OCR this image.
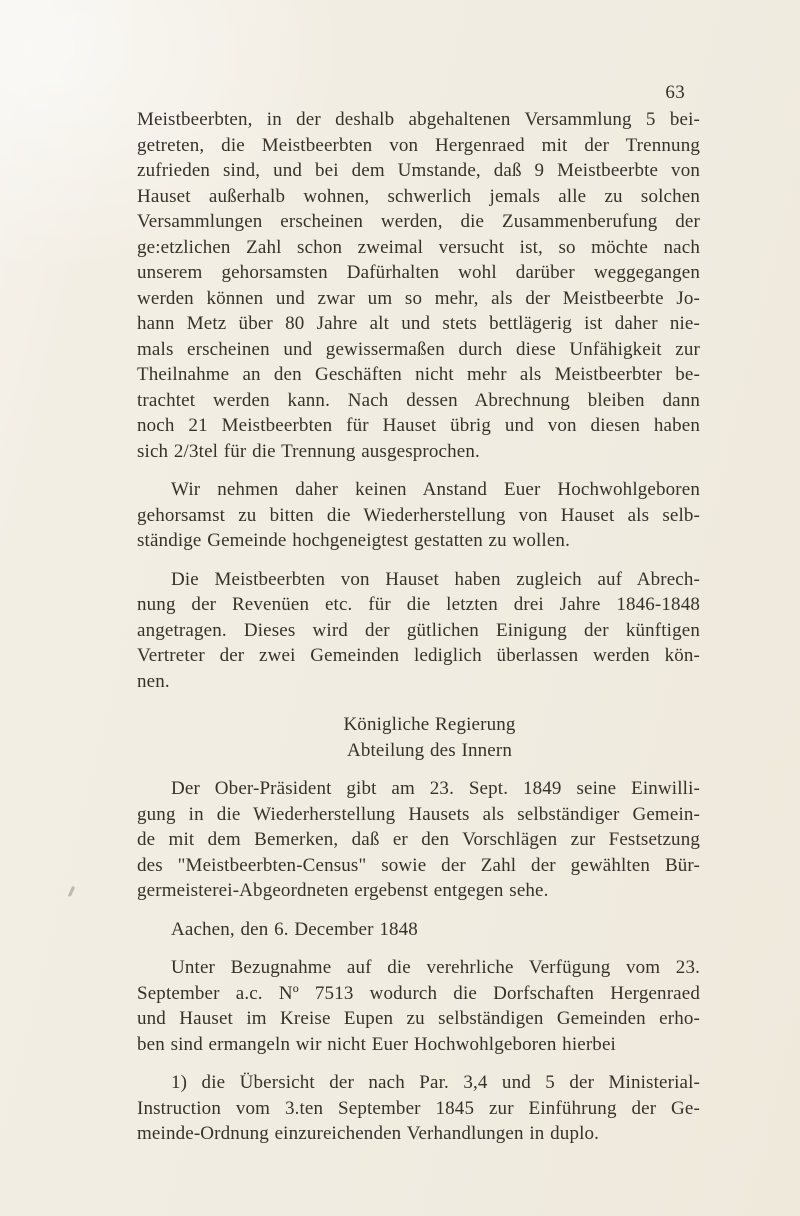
63
Meistbeerbten, in der deshalb abgehaltenen Versammlung 5 bei-
getreten, die Meistbeerbten von Hergenraed mit der Trennung
zufrieden sind, und bei dem Umstande, daß 9 Meistbeerbte von
Hauset außerhalb wohnen, schwerlich jemals alle zu solchen
Versammlungen erscheinen werden, die Zusammenberufung der
ge:etzlichen Zahl schon zweimal versucht ist, so möchte nach
unserem gehorsamsten Dafürhalten wohl darüber weggegangen
werden können und zwar um so mehr, als der Meistbeerbte Jo-
hann Metz über 80 Jahre alt und stets bettlägerig ist daher nie-
mals erscheinen und gewissermaßen durch diese Unfähigkeit zur
Theilnahme an den Geschäften nicht mehr als Meistbeerbter be-
trachtet werden kann. Nach dessen Abrechnung bleiben dann
noch 21 Meistbeerbten für Hauset übrig und von diesen haben
sich 2/3tel für die Trennung ausgesprochen.
Wir nehmen daher keinen Anstand Euer Hochwohlgeboren
gehorsamst zu bitten die Wiederherstellung von Hauset als selb-
ständige Gemeinde hochgeneigtest gestatten zu wollen.
Die Meistbeerbten von Hauset haben zugleich auf Abrech-
nung der Revenüen etc. für die letzten drei Jahre 1846-1848
angetragen. Dieses wird der gütlichen Einigung der künftigen
Vertreter der zwei Gemeinden lediglich überlassen werden kön-
nen.
Königliche Regierung
Abteilung des Innern
Der Ober-Präsident gibt am 23. Sept. 1849 seine Einwilli-
gung in die Wiederherstellung Hausets als selbständiger Gemein-
de mit dem Bemerken, daß er den Vorschlägen zur Festsetzung
des "Meistbeerbten-Census" sowie der Zahl der gewählten Bür-
germeisterei-Abgeordneten ergebenst entgegen sehe.
Aachen, den 6. December 1848
Unter Bezugnahme auf die verehrliche Verfügung vom 23.
September a.c. Nº 7513 wodurch die Dorfschaften Hergenraed
und Hauset im Kreise Eupen zu selbständigen Gemeinden erho-
ben sind ermangeln wir nicht Euer Hochwohlgeboren hierbei
1) die Übersicht der nach Par. 3,4 und 5 der Ministerial-
Instruction vom 3.ten September 1845 zur Einführung der Ge-
meinde-Ordnung einzureichenden Verhandlungen in duplo.
